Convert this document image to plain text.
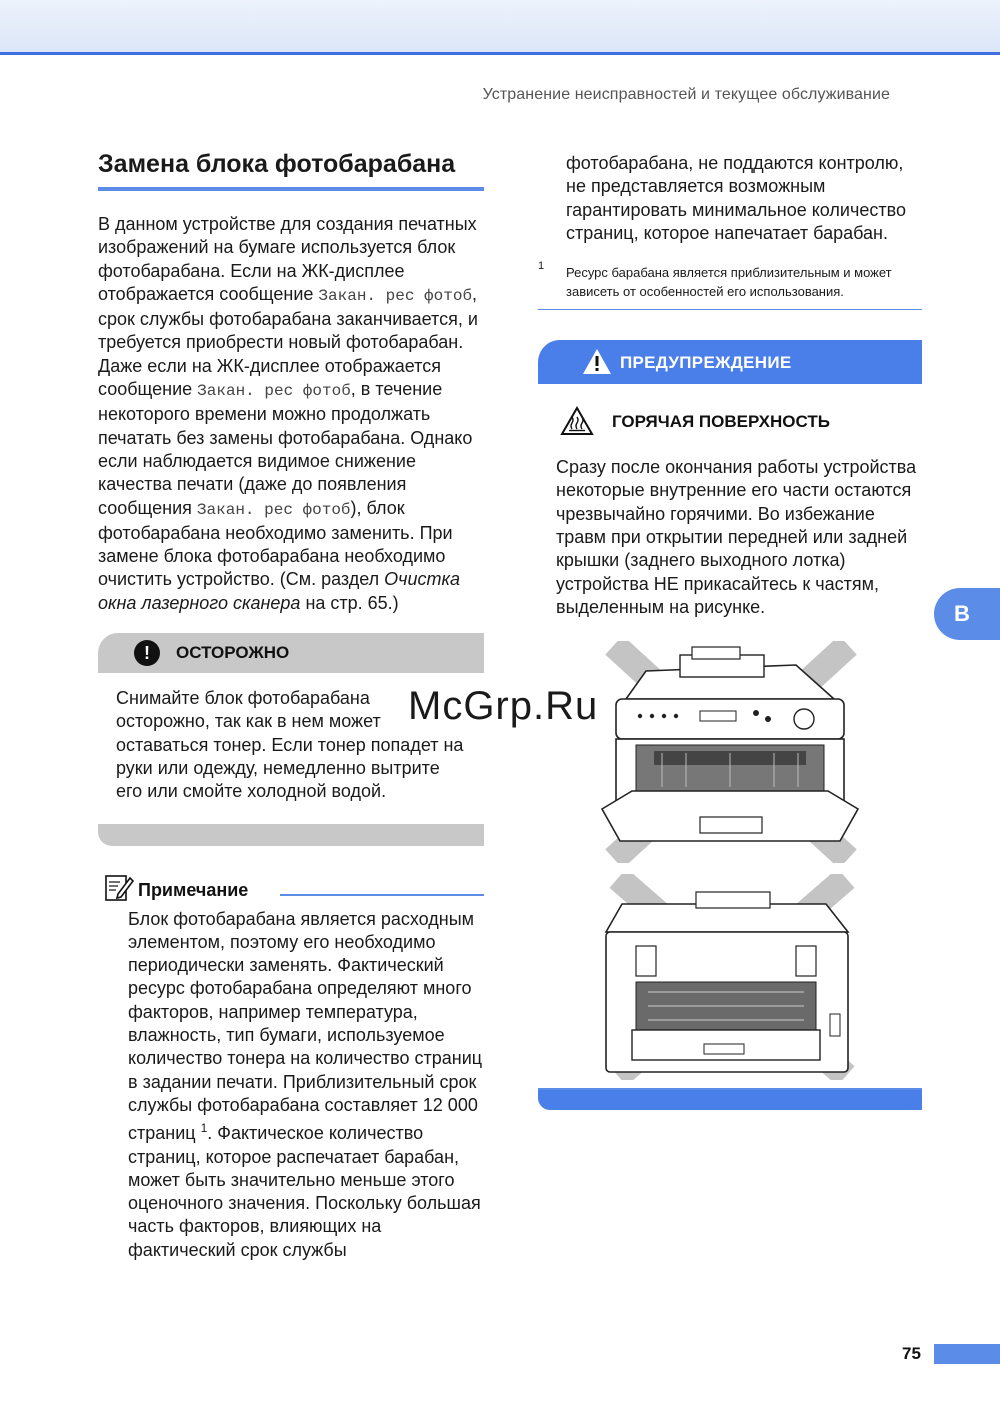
Устранение неисправностей и текущее обслуживание
Замена блока фотобарабана

В данном устройстве для создания печатных изображений на бумаге используется блок фотобарабана. Если на ЖК-дисплее отображается сообщение Закан. рес фотоб, срок службы фотобарабана заканчивается, и требуется приобрести новый фотобарабан.

Даже если на ЖК-дисплее отображается сообщение Закан. рес фотоб, в течение некоторого времени можно продолжать печатать без замены фотобарабана. Однако если наблюдается видимое снижение качества печати (даже до появления сообщения Закан. рес фотоб), блок фотобарабана необходимо заменить. При замене блока фотобарабана необходимо очистить устройство. (См. раздел Очистка окна лазерного сканера на стр. 65.)

!	ОСТОРОЖНО

Снимайте блок фотобарабана осторожно, так как в нем может оставаться тонер. Если тонер попадет на руки или одежду, немедленно вытрите его или смойте холодной водой.

Примечание

Блок фотобарабана является расходным элементом, поэтому его необходимо периодически заменять. Фактический ресурс фотобарабана определяют много факторов, например температура, влажность, тип бумаги, используемое количество тонера на количество страниц в задании печати. Приблизительный срок службы фотобарабана составляет 12 000 страниц $^1$. Фактическое количество страниц, которое распечатает барабан, может быть значительно меньше этого оценочного значения. Поскольку большая часть факторов, влияющих на фактический срок службы

фотобарабана, не поддаются контролю, не представляется возможным гарантировать минимальное количество страниц, которое напечатает барабан.

1 Ресурс барабана является приблизительным и может зависеть от особенностей его использования.
ПРЕДУПРЕЖДЕНИЕ
ГОРЯЧАЯ ПОВЕРХНОСТЬ

Сразу после окончания работы устройства некоторые внутренние его части остаются чрезвычайно горячими. Во избежание травм при открытии передней или задней крышки (заднего выходного лотка) устройства НЕ прикасайтесь к частям, выделенным на рисунке.

McGrp.Ru
B
75
